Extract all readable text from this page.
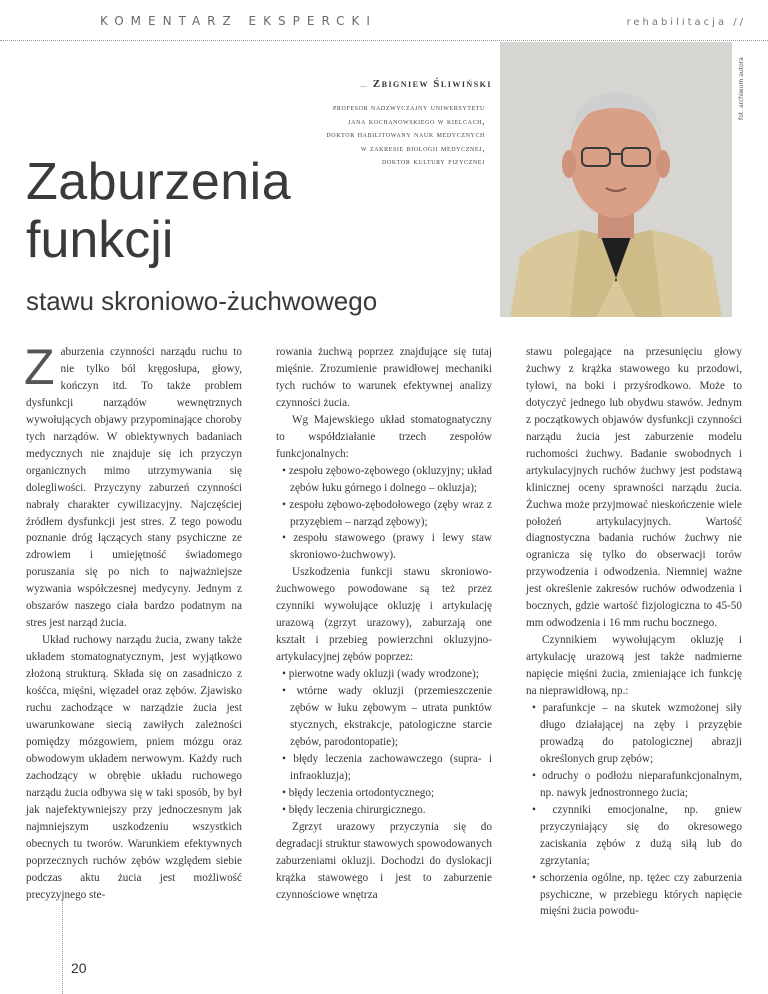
KOMENTARZ EKSPERCKI	rehabilitacja //
fot. archiwum autora
Zbigniew Śliwiński
profesor nadzwyczajny uniwersytetu
jana kochanowskiego w kielcach,
doktor habilitowany nauk medycznych
w zakresie biologii medycznej,
doktor kultury fizycznej
Zaburzenia
funkcji
stawu skroniowo-żuchwowego

Zaburzenia czynności narządu ruchu to nie tylko ból kręgosłupa, głowy, kończyn itd. To także problem dysfunkcji narządów wewnętrznych wywołujących objawy przypominające choroby tych narządów. W obiektywnych badaniach medycznych nie znajduje się ich przyczyn organicznych mimo utrzymywania się dolegliwości. Przyczyny zaburzeń czynności nabrały charakter cywilizacyjny. Najczęściej źródłem dysfunkcji jest stres. Z tego powodu poznanie dróg łączących stany psychiczne ze zdrowiem i umiejętność świadomego poruszania się po nich to najważniejsze wyzwania współczesnej medycyny. Jednym z obszarów naszego ciała bardzo podatnym na stres jest narząd żucia.

Układ ruchowy narządu żucia, zwany także układem stomatognatycznym, jest wyjątkowo złożoną strukturą. Składa się on zasadniczo z kośćca, mięśni, więzadeł oraz zębów. Zjawisko ruchu zachodzące w narządzie żucia jest uwarunkowane siecią zawiłych zależności pomiędzy mózgowiem, pniem mózgu oraz obwodowym układem nerwowym. Każdy ruch zachodzący w obrębie układu ruchowego narządu żucia odbywa się w taki sposób, by był jak najefektywniejszy przy jednoczesnym jak najmniejszym uszkodzeniu wszystkich obecnych tu tworów. Warunkiem efektywnych poprzecznych ruchów zębów względem siebie podczas aktu żucia jest możliwość precyzyjnego ste-

rowania żuchwą poprzez znajdujące się tutaj mięśnie. Zrozumienie prawidłowej mechaniki tych ruchów to warunek efektywnej analizy czynności żucia.

Wg Majewskiego układ stomatognatyczny to współdziałanie trzech zespołów funkcjonalnych:

• zespołu zębowo-zębowego (okluzyjny; układ zębów łuku górnego i dolnego – okluzja);
• zespołu zębowo-zębodołowego (zęby wraz z przyzębiem – narząd zębowy);
• zespołu stawowego (prawy i lewy staw skroniowo-żuchwowy).

Uszkodzenia funkcji stawu skroniowo-żuchwowego powodowane są też przez czynniki wywołujące okluzję i artykulację urazową (zgrzyt urazowy), zaburzają one kształt i przebieg powierzchni okluzyjno-artykulacyjnej zębów poprzez:

• pierwotne wady okluzji (wady wrodzone);
• wtórne wady okluzji (przemieszczenie zębów w łuku zębowym – utrata punktów stycznych, ekstrakcje, patologiczne starcie zębów, parodontopatie);
• błędy leczenia zachowawczego (supra- i infraokluzja);
• błędy leczenia ortodontycznego;
• błędy leczenia chirurgicznego.

Zgrzyt urazowy przyczynia się do degradacji struktur stawowych spowodowanych zaburzeniami okluzji. Dochodzi do dyslokacji krążka stawowego i jest to zaburzenie czynnościowe wnętrza

stawu polegające na przesunięciu głowy żuchwy z krążka stawowego ku przodowi, tyłowi, na boki i przyśrodkowo. Może to dotyczyć jednego lub obydwu stawów. Jednym z początkowych objawów dysfunkcji czynności narządu żucia jest zaburzenie modelu ruchomości żuchwy. Badanie swobodnych i artykulacyjnych ruchów żuchwy jest podstawą klinicznej oceny sprawności narządu żucia. Żuchwa może przyjmować nieskończenie wiele położeń artykulacyjnych. Wartość diagnostyczna badania ruchów żuchwy nie ogranicza się tylko do obserwacji torów przywodzenia i odwodzenia. Niemniej ważne jest określenie zakresów ruchów odwodzenia i bocznych, gdzie wartość fizjologiczna to 45-50 mm odwodzenia i 16 mm ruchu bocznego.

Czynnikiem wywołującym okluzję i artykulację urazową jest także nadmierne napięcie mięśni żucia, zmieniające ich funkcję na nieprawidłową, np.:

• parafunkcje – na skutek wzmożonej siły długo działającej na zęby i przyzębie prowadzą do patologicznej abrazji określonych grup zębów;
• odruchy o podłożu nieparafunkcjonalnym, np. nawyk jednostronnego żucia;
• czynniki emocjonalne, np. gniew przyczyniający się do okresowego zaciskania zębów z dużą siłą lub do zgrzytania;
• schorzenia ogólne, np. tężec czy zaburzenia psychiczne, w przebiegu których napięcie mięśni żucia powodu-
20
